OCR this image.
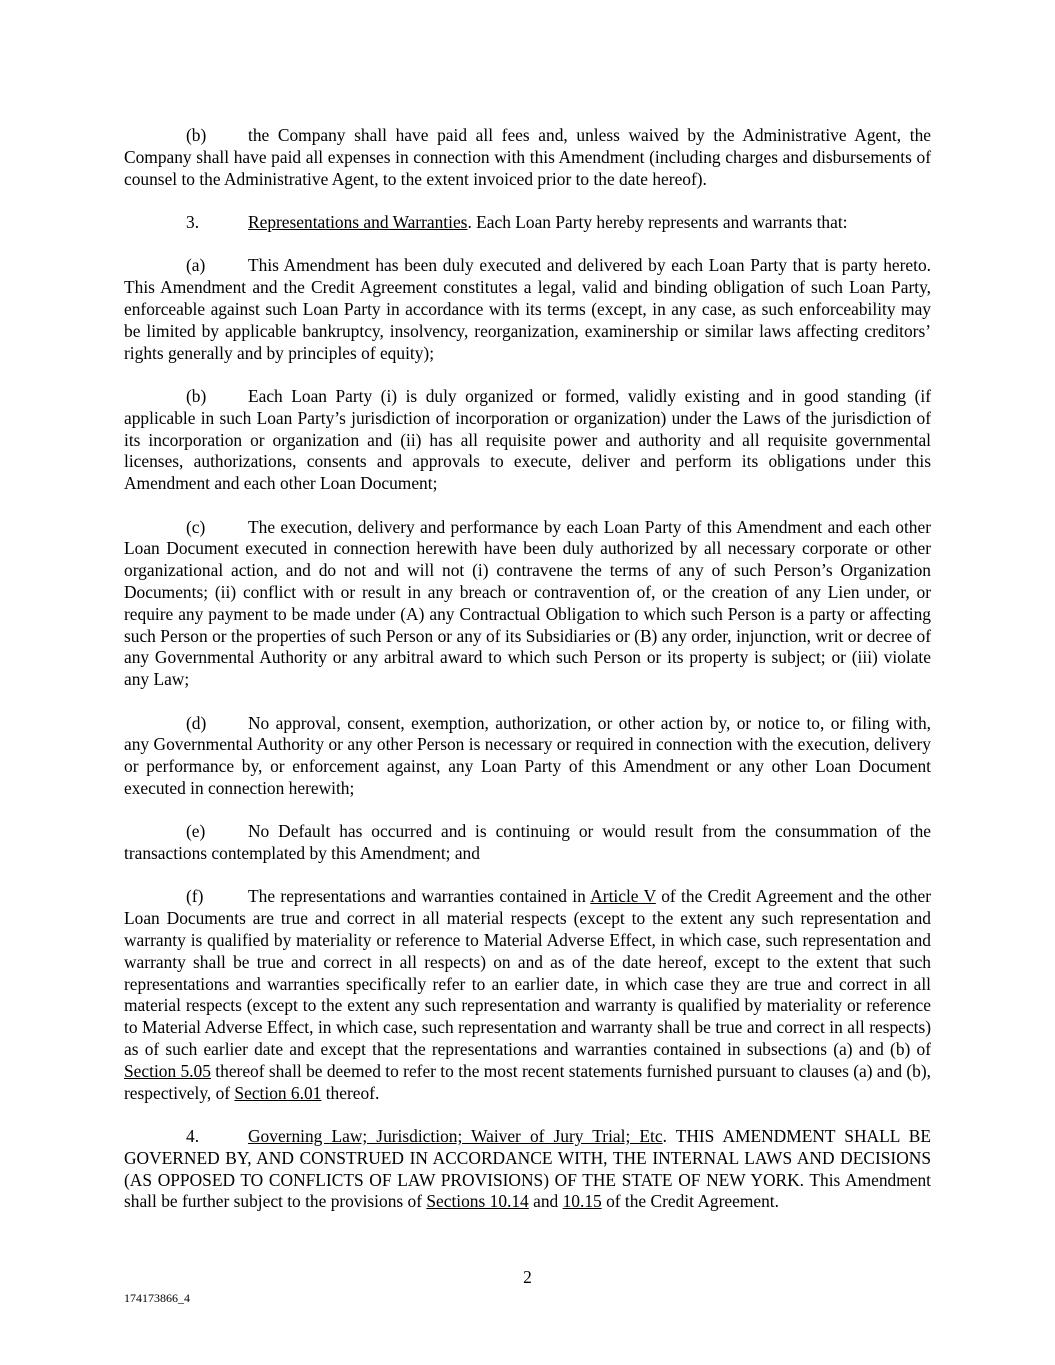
(b) the Company shall have paid all fees and, unless waived by the Administrative Agent, the Company shall have paid all expenses in connection with this Amendment (including charges and disbursements of counsel to the Administrative Agent, to the extent invoiced prior to the date hereof).

3.	Representations and Warranties. Each Loan Party hereby represents and warrants that:

(a) This Amendment has been duly executed and delivered by each Loan Party that is party hereto. This Amendment and the Credit Agreement constitutes a legal, valid and binding obligation of such Loan Party, enforceable against such Loan Party in accordance with its terms (except, in any case, as such enforceability may be limited by applicable bankruptcy, insolvency, reorganization, examinership or similar laws affecting creditors’ rights generally and by principles of equity);

(b) Each Loan Party (i) is duly organized or formed, validly existing and in good standing (if applicable in such Loan Party’s jurisdiction of incorporation or organization) under the Laws of the jurisdiction of its incorporation or organization and (ii) has all requisite power and authority and all requisite governmental licenses, authorizations, consents and approvals to execute, deliver and perform its obligations under this Amendment and each other Loan Document;

(c) The execution, delivery and performance by each Loan Party of this Amendment and each other Loan Document executed in connection herewith have been duly authorized by all necessary corporate or other organizational action, and do not and will not (i) contravene the terms of any of such Person’s Organization Documents; (ii) conflict with or result in any breach or contravention of, or the creation of any Lien under, or require any payment to be made under (A) any Contractual Obligation to which such Person is a party or affecting such Person or the properties of such Person or any of its Subsidiaries or (B) any order, injunction, writ or decree of any Governmental Authority or any arbitral award to which such Person or its property is subject; or (iii) violate any Law;

(d) No approval, consent, exemption, authorization, or other action by, or notice to, or filing with, any Governmental Authority or any other Person is necessary or required in connection with the execution, delivery or performance by, or enforcement against, any Loan Party of this Amendment or any other Loan Document executed in connection herewith;

(e) No Default has occurred and is continuing or would result from the consummation of the transactions contemplated by this Amendment; and

(f)	The representations and warranties contained in Article V of the Credit Agreement and the other Loan Documents are true and correct in all material respects (except to the extent any such representation and warranty is qualified by materiality or reference to Material Adverse Effect, in which case, such representation and warranty shall be true and correct in all respects) on and as of the date hereof, except to the extent that such representations and warranties specifically refer to an earlier date, in which case they are true and correct in all material respects (except to the extent any such representation and warranty is qualified by materiality or reference to Material Adverse Effect, in which case, such representation and warranty shall be true and correct in all respects) as of such earlier date and except that the representations and warranties contained in subsections (a) and (b) of Section 5.05 thereof shall be deemed to refer to the most recent statements furnished pursuant to clauses (a) and (b), respectively, of Section 6.01 thereof.

4.	Governing Law; Jurisdiction; Waiver of Jury Trial; Etc. THIS AMENDMENT SHALL BE GOVERNED BY, AND CONSTRUED IN ACCORDANCE WITH, THE INTERNAL LAWS AND DECISIONS (AS OPPOSED TO CONFLICTS OF LAW PROVISIONS) OF THE STATE OF NEW YORK. This Amendment shall be further subject to the provisions of Sections 10.14 and 10.15 of the Credit Agreement.

2
174173866_4
